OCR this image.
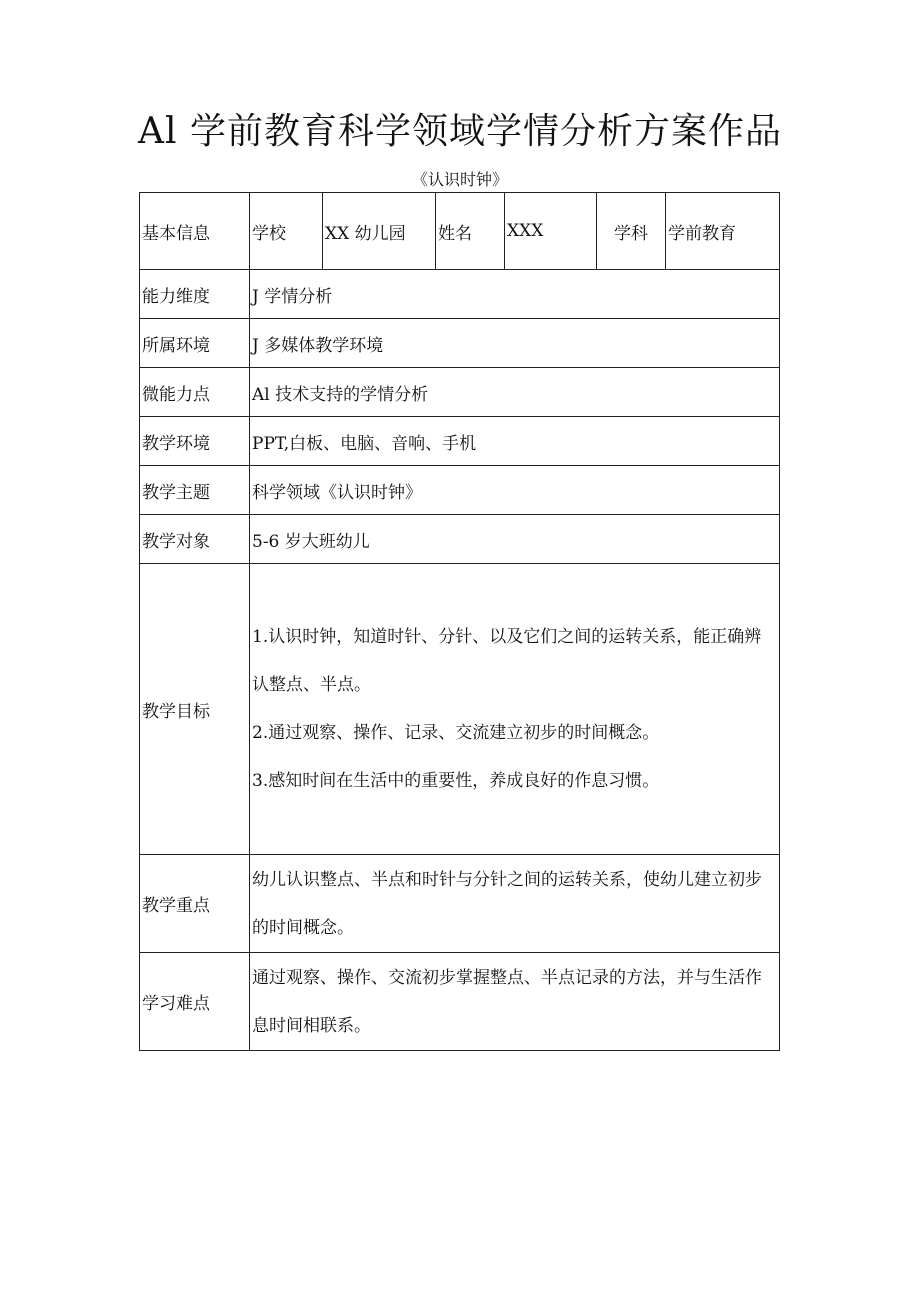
Al 学前教育科学领域学情分析方案作品
《认识时钟》
基本信息	学校	XX 幼儿园	姓名	XXX	学科	学前教育
能力维度	J 学情分析					
所属环境	J 多媒体教学环境					
微能力点	Al 技术支持的学情分析					
教学环境	PPT,白板、电脑、音响、手机					
教学主题	科学领域《认识时钟》					
教学对象	5-6 岁大班幼儿					
教学目标	1.认识时钟，知道时针、分针、以及它们之间的运转关系，能正确辨认整点、半点。

2.通过观察、操作、记录、交流建立初步的时间概念。

3.感知时间在生活中的重要性，养成良好的作息习惯。					

教学重点	幼儿认识整点、半点和时针与分针之间的运转关系，使幼儿建立初步的时间概念。					

学习难点	通过观察、操作、交流初步掌握整点、半点记录的方法，并与生活作息时间相联系。					
